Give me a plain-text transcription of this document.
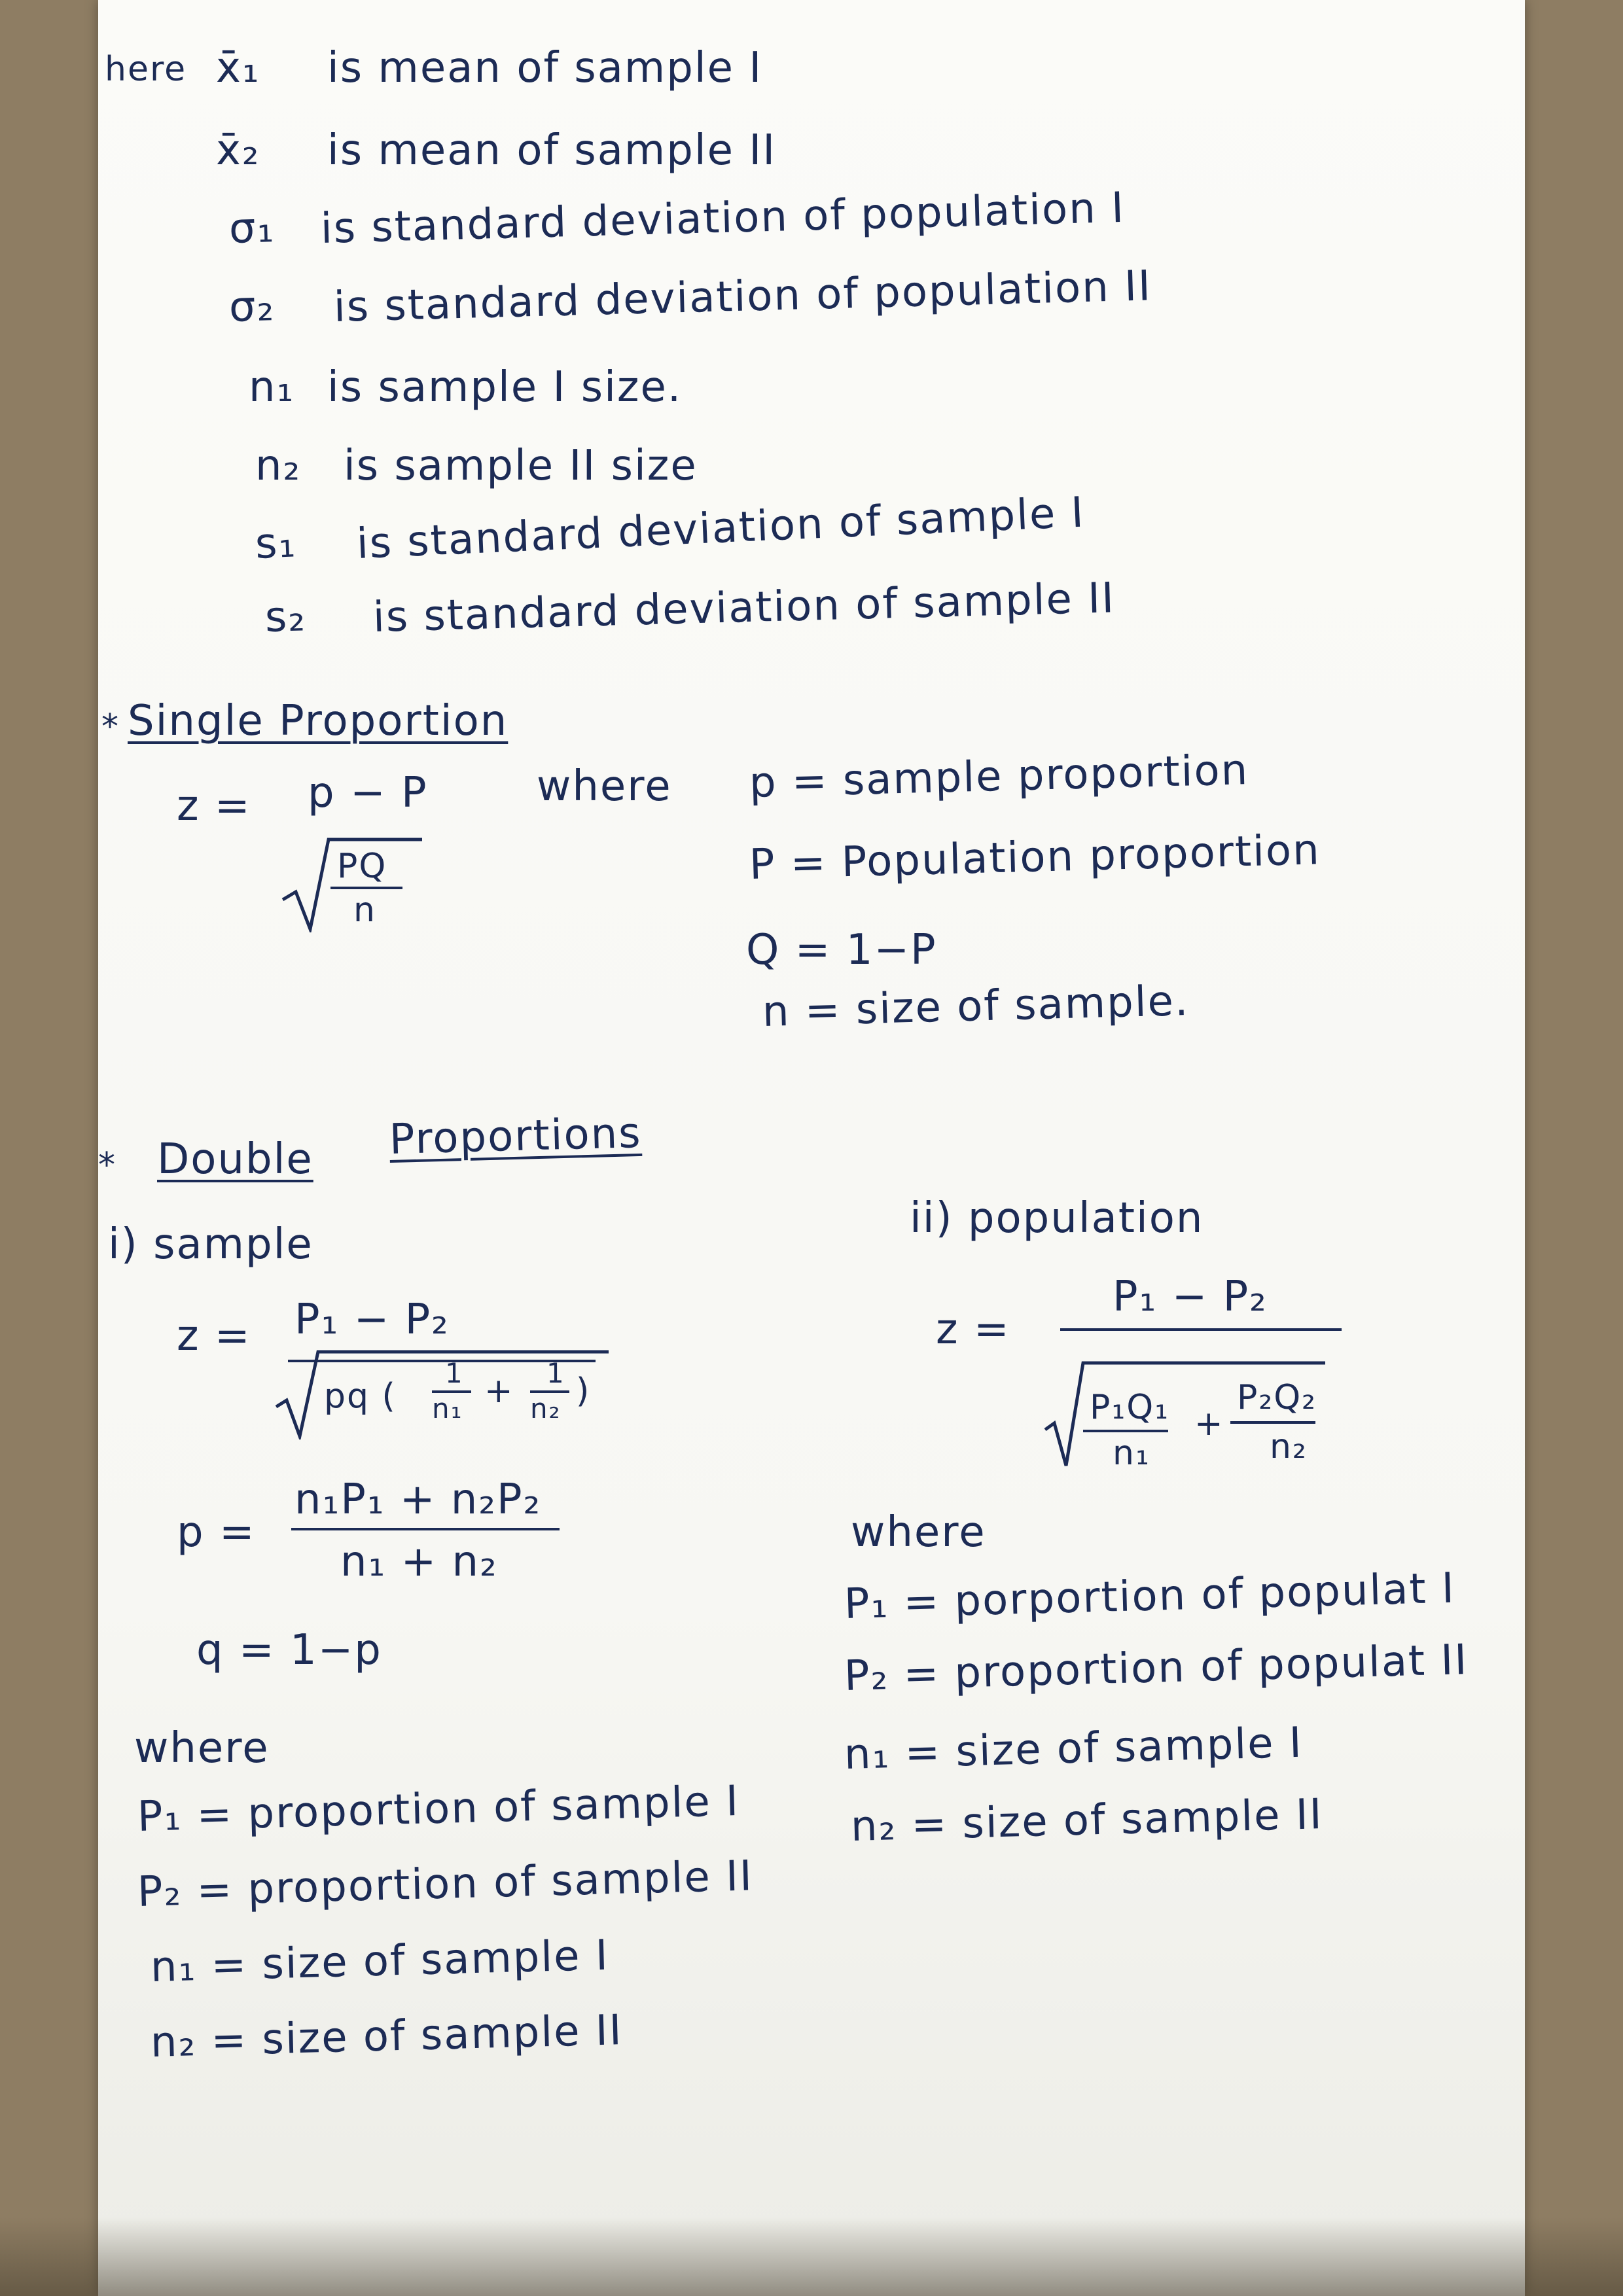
here x̄₁ is mean of sample I
x̄₂ is mean of sample II
σ₁ is standard deviation of population I
σ₂ is standard deviation of population II
n₁ is sample I size.
n₂ is sample II size
s₁ is standard deviation of sample I
s₂ is standard deviation of sample II
* Single Proportion
z = p − P
PQ
n
where p = sample proportion
P = Population proportion
Q = 1−P
n = size of sample.
* Double Proportions
i) sample
z = P₁ − P₂
pq (
1
n₁ + 1
n₂ )
p =
n₁P₁ + n₂P₂
n₁ + n₂
q = 1−p
where
P₁ = proportion of sample I
P₂ = proportion of sample II
n₁ = size of sample I
n₂ = size of sample II
ii) population
z =
P₁ − P₂
P₁Q₁
n₁
+
P₂Q₂
n₂
where
P₁ = porportion of populat I
P₂ = proportion of populat II
n₁ = size of sample I
n₂ = size of sample II
